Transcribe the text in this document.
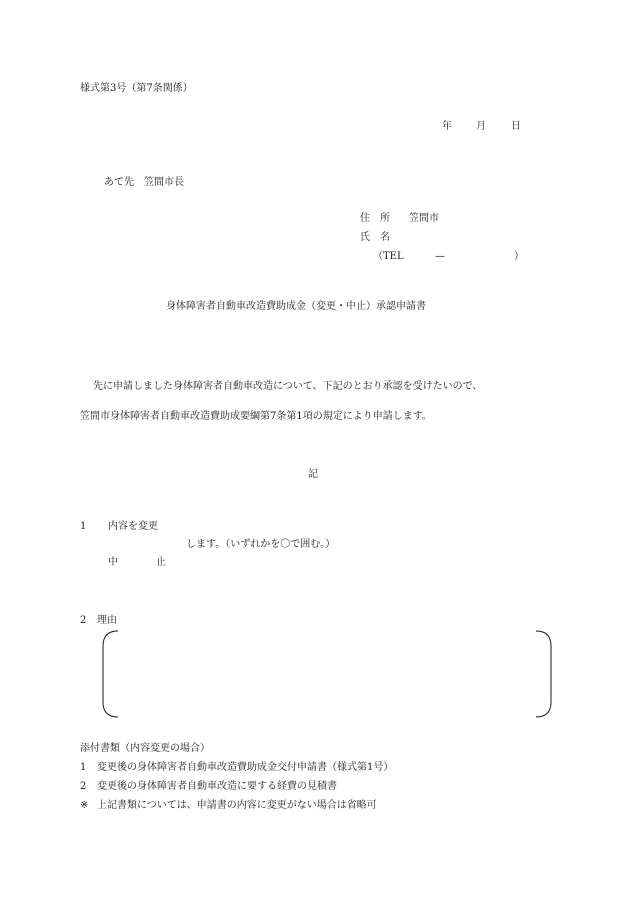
様式第3号（第7条関係）
年 月	日
あて先　笠間市長
住　所 笠間市
氏　名
（TEL	—	）
身体障害者自動車改造費助成金（変更・中止）承認申請書
先に申請しました身体障害者自動車改造について、下記のとおり承認を受けたいので、
笠間市身体障害者自動車改造費助成要綱第7条第1項の規定により申請します。
記
1 内容を変更
します。（いずれかを〇で囲む。）
中	止
2 理由
添付書類（内容変更の場合）
1 変更後の身体障害者自動車改造費助成金交付申請書（様式第1号）
2 変更後の身体障害者自動車改造に要する経費の見積書
※ 上記書類については、申請書の内容に変更がない場合は省略可
